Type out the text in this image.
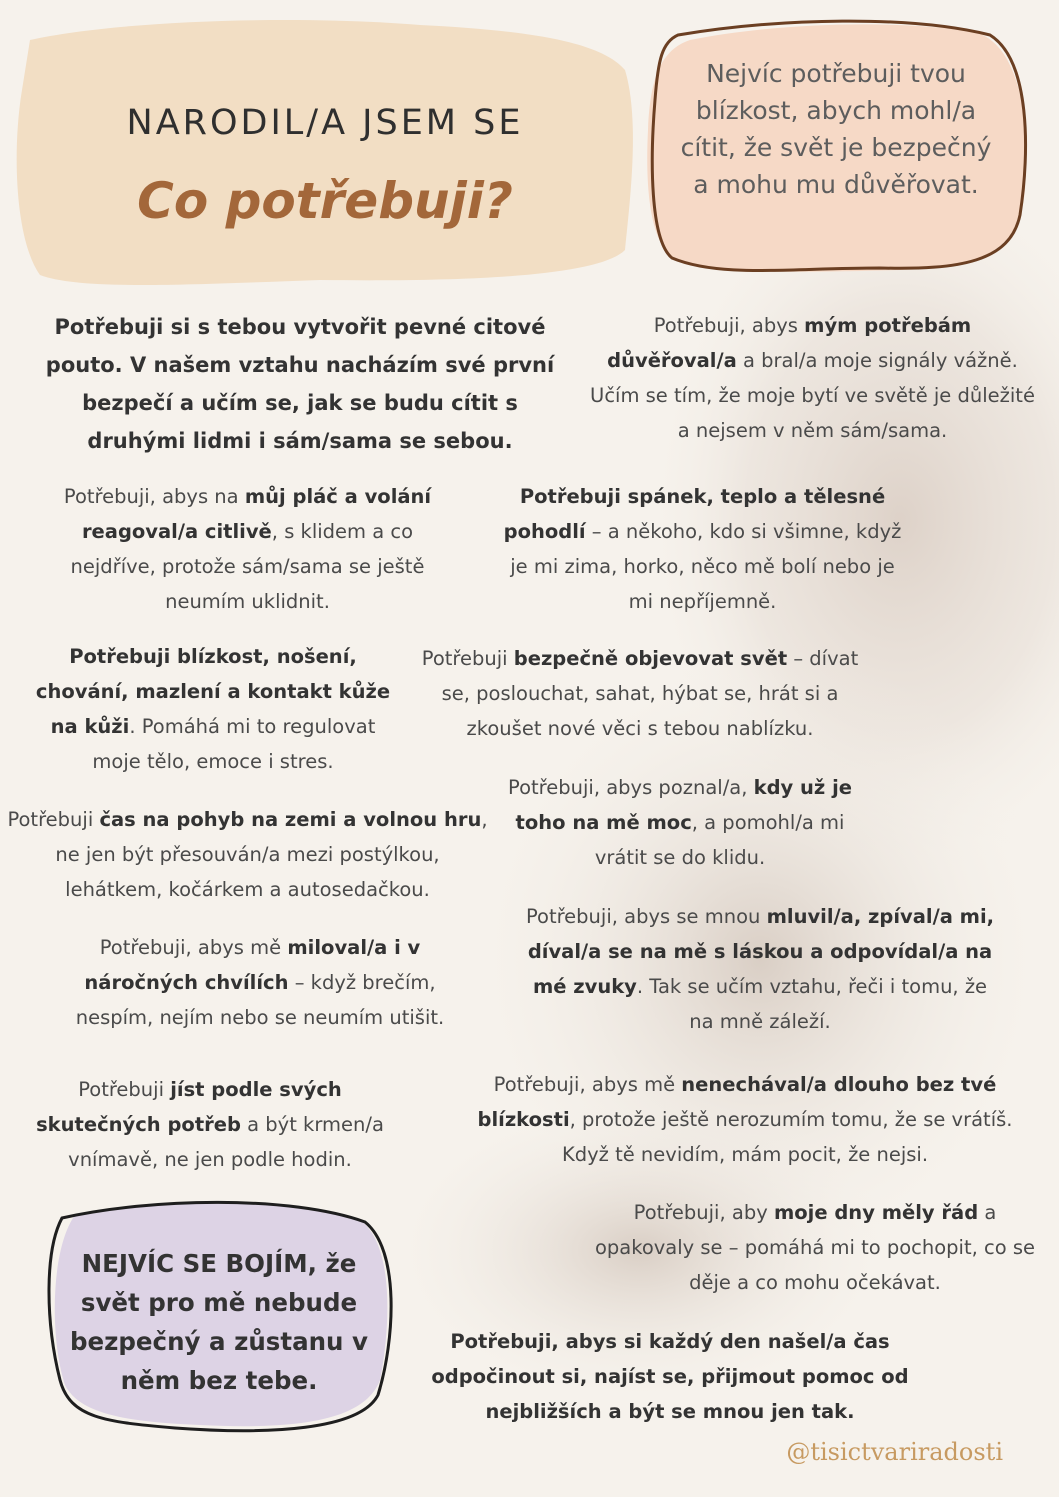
NARODIL/A JSEM SE
Co potřebuji?
Nejvíc potřebuji tvou blízkost, abych mohl/a cítit, že svět je bezpečný a mohu mu důvěřovat.
NEJVÍC SE BOJÍM, že svět pro mě nebude bezpečný a zůstanu v něm bez tebe.

Potřebuji si s tebou vytvořit pevné citové pouto. V našem vztahu nacházím své první bezpečí a učím se, jak se budu cítit s druhými lidmi i sám/sama se sebou.

Potřebuji, abys mým potřebám důvěřoval/a a bral/a moje signály vážně. Učím se tím, že moje bytí ve světě je důležité a nejsem v něm sám/sama.

Potřebuji, abys na můj pláč a volání reagoval/a citlivě, s klidem a co nejdříve, protože sám/sama se ještě neumím uklidnit.

Potřebuji spánek, teplo a tělesné pohodlí – a někoho, kdo si všimne, když je mi zima, horko, něco mě bolí nebo je mi nepříjemně.

Potřebuji blízkost, nošení, chování, mazlení a kontakt kůže na kůži. Pomáhá mi to regulovat moje tělo, emoce i stres.

Potřebuji bezpečně objevovat svět – dívat se, poslouchat, sahat, hýbat se, hrát si a zkoušet nové věci s tebou nablízku.

Potřebuji, abys poznal/a, kdy už je toho na mě moc, a pomohl/a mi vrátit se do klidu.

Potřebuji čas na pohyb na zemi a volnou hru, ne jen být přesouván/a mezi postýlkou, lehátkem, kočárkem a autosedačkou.

Potřebuji, abys se mnou mluvil/a, zpíval/a mi, díval/a se na mě s láskou a odpovídal/a na mé zvuky. Tak se učím vztahu, řeči i tomu, že na mně záleží.

Potřebuji, abys mě miloval/a i v náročných chvílích – když brečím, nespím, nejím nebo se neumím utišit.

Potřebuji jíst podle svých skutečných potřeb a být krmen/a vnímavě, ne jen podle hodin.

Potřebuji, abys mě nenechával/a dlouho bez tvé blízkosti, protože ještě nerozumím tomu, že se vrátíš. Když tě nevidím, mám pocit, že nejsi.

Potřebuji, aby moje dny měly řád a opakovaly se – pomáhá mi to pochopit, co se děje a co mohu očekávat.

Potřebuji, abys si každý den našel/a čas odpočinout si, najíst se, přijmout pomoc od nejbližších a být se mnou jen tak.

@tisictvariradosti
